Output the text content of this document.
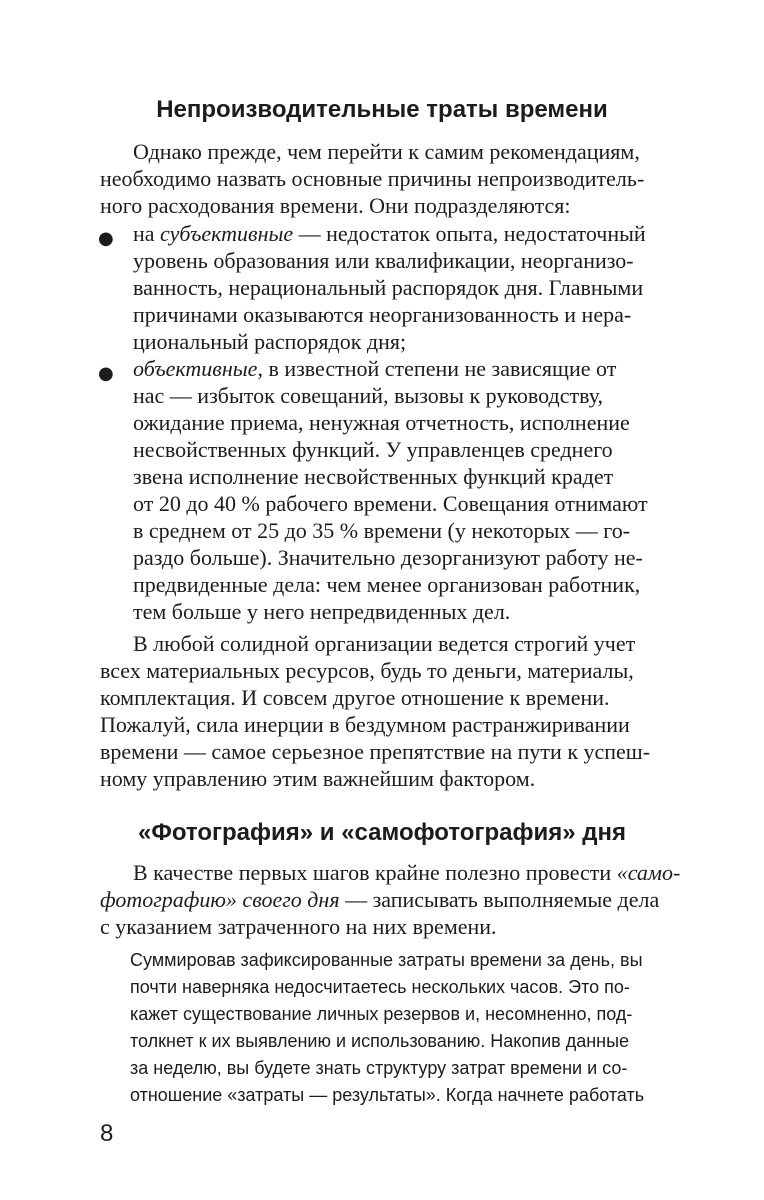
Непроизводительные траты времени
Однако прежде, чем перейти к самим рекомендациям,
необходимо назвать основные причины непроизводитель-
ного расходования времени. Они подразделяются:
● на субъективные — недостаток опыта, недостаточный
уровень образования или квалификации, неорганизо-
ванность, нерациональный распорядок дня. Главными
причинами оказываются неорганизованность и нера-
циональный распорядок дня;
● объективные, в известной степени не зависящие от
нас — избыток совещаний, вызовы к руководству,
ожидание приема, ненужная отчетность, исполнение
несвойственных функций. У управленцев среднего
звена исполнение несвойственных функций крадет
от 20 до 40 % рабочего времени. Совещания отнимают
в среднем от 25 до 35 % времени (у некоторых — го-
раздо больше). Значительно дезорганизуют работу не-
предвиденные дела: чем менее организован работник,
тем больше у него непредвиденных дел.
В любой солидной организации ведется строгий учет
всех материальных ресурсов, будь то деньги, материалы,
комплектация. И совсем другое отношение к времени.
Пожалуй, сила инерции в бездумном растранжиривании
времени — самое серьезное препятствие на пути к успеш-
ному управлению этим важнейшим фактором.
«Фотография» и «самофотография» дня
В качестве первых шагов крайне полезно провести «само-
фотографию» своего дня — записывать выполняемые дела
с указанием затраченного на них времени.
Суммировав зафиксированные затраты времени за день, вы
почти наверняка недосчитаетесь нескольких часов. Это по-
кажет существование личных резервов и, несомненно, под-
толкнет к их выявлению и использованию. Накопив данные
за неделю, вы будете знать структуру затрат времени и со-
отношение «затраты — результаты». Когда начнете работать
8
